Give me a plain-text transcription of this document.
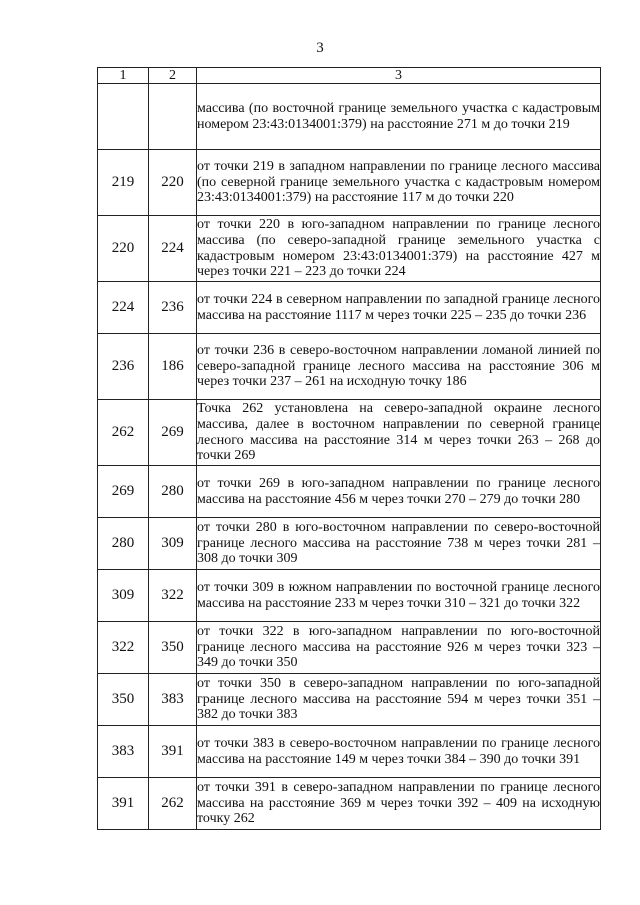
3
1	2	3
		массива (по восточной границе земельного участка с кадастровым номером 23:43:0134001:379) на расстояние 271 м до точки 219
219	220	от точки 219 в западном направлении по границе лесного массива (по северной границе земельного участка с кадастровым номером 23:43:0134001:379) на расстояние 117 м до точки 220
220	224	от точки 220 в юго-западном направлении по границе лесного массива (по северо-западной границе земельного участка с кадастровым номером 23:43:0134001:379) на расстояние 427 м через точки 221 – 223 до точки 224
224	236	от точки 224 в северном направлении по западной границе лесного массива на расстояние 1117 м через точки 225 – 235 до точки 236
236	186	от точки 236 в северо-восточном направлении ломаной линией по северо-западной границе лесного массива на расстояние 306 м через точки 237 – 261 на исходную точку 186
262	269	Точка 262 установлена на северо-западной окраине лесного массива, далее в восточном направлении по северной границе лесного массива на расстояние 314 м через точки 263 – 268 до точки 269
269	280	от точки 269 в юго-западном направлении по границе лесного массива на расстояние 456 м через точки 270 – 279 до точки 280
280	309	от точки 280 в юго-восточном направлении по северо-восточной границе лесного массива на расстояние 738 м через точки 281 – 308 до точки 309
309	322	от точки 309 в южном направлении по восточной границе лесного массива на расстояние 233 м через точки 310 – 321 до точки 322
322	350	от точки 322 в юго-западном направлении по юго-восточной границе лесного массива на расстояние 926 м через точки 323 – 349 до точки 350
350	383	от точки 350 в северо-западном направлении по юго-западной границе лесного массива на расстояние 594 м через точки 351 – 382 до точки 383
383	391	от точки 383 в северо-восточном направлении по границе лесного массива на расстояние 149 м через точки 384 – 390 до точки 391
391	262	от точки 391 в северо-западном направлении по границе лесного массива на расстояние 369 м через точки 392 – 409 на исходную точку 262
